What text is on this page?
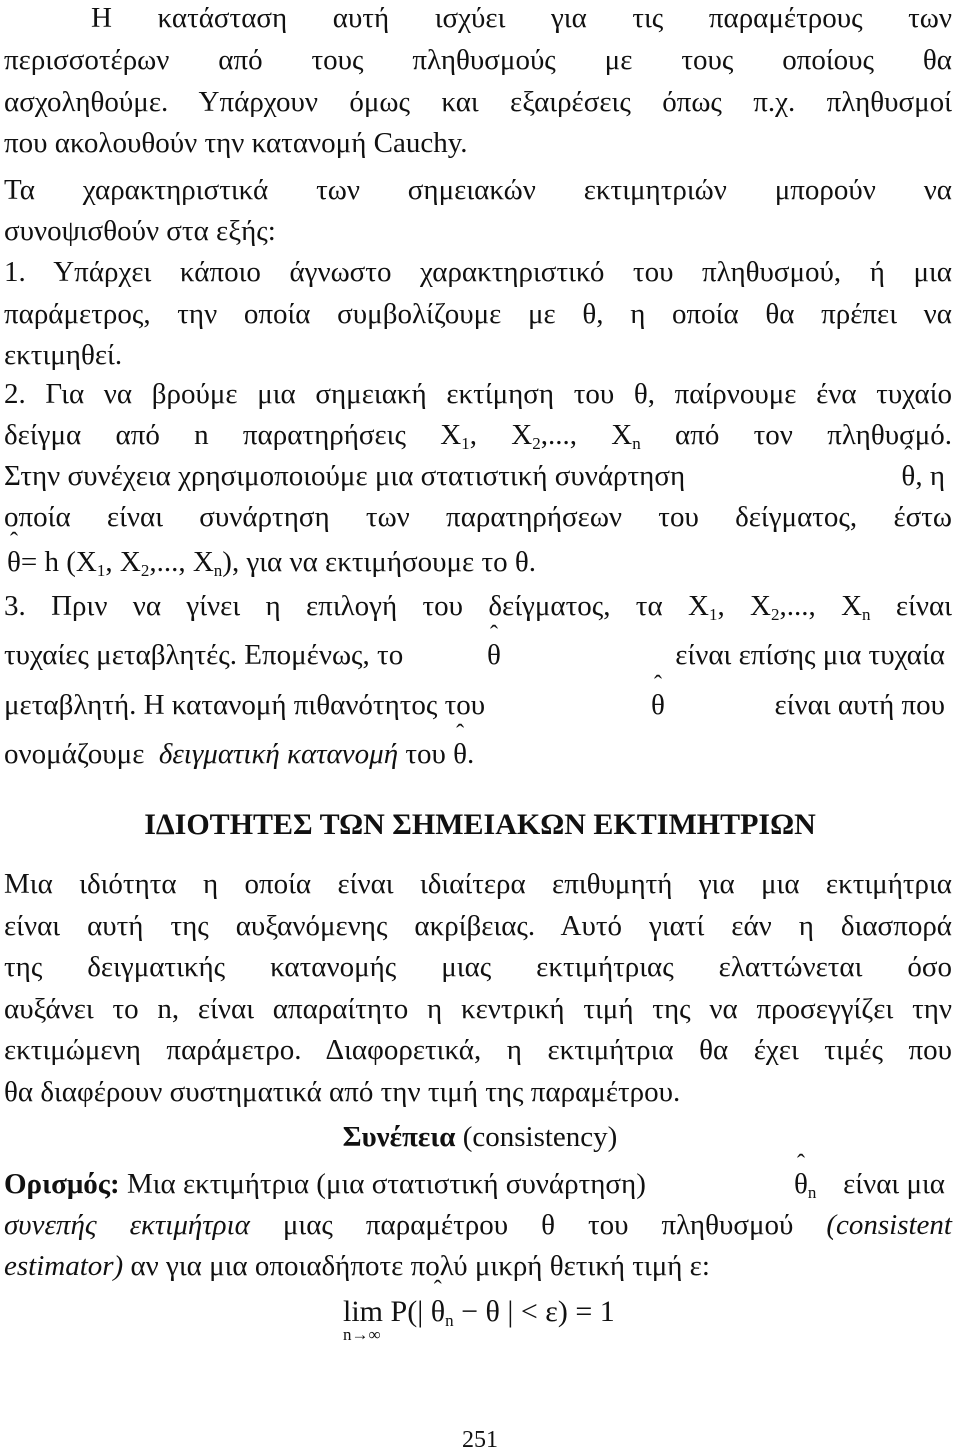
Η κατάσταση αυτή ισχύει για τις παραμέτρους των
περισσοτέρων από τους πληθυσμούς με τους οποίους θα
ασχοληθούμε. Υπάρχουν όμως και εξαιρέσεις όπως π.χ. πληθυσμοί
που ακολουθούν την κατανομή Cauchy.
Τα χαρακτηριστικά των σημειακών εκτιμητριών μπορούν να
συνοψισθούν στα εξής:
1. Υπάρχει κάποιο άγνωστο χαρακτηριστικό του πληθυσμού, ή μια
παράμετρος, την οποία συμβολίζουμε με θ, η οποία θα πρέπει να
εκτιμηθεί.
2. Για να βρούμε μια σημειακή εκτίμηση του θ, παίρνουμε ένα τυχαίο
δείγμα από n παρατηρήσεις $X_1$, $X_2$,..., $X_n$ από τον πληθυσμό.
Στην συνέχεια χρησιμοποιούμε μια στατιστική συνάρτηση	ˆ θ, η
οποία είναι συνάρτηση των παρατηρήσεων του δείγματος, έστω
ˆ θ= h ($X_1$, $X_2$,..., $X_n$), για να εκτιμήσουμε το θ.
3. Πριν να γίνει η επιλογή του δείγματος, τα $X_1$, $X_2$,..., $X_n$ είναι
τυχαίες μεταβλητές. Επομένως, το	ˆ θ	είναι επίσης μια τυχαία
μεταβλητή. Η κατανομή πιθανότητος του	ˆ θ	είναι αυτή που
ονομάζουμε δειγματική κατανομή του ˆ θ.
ΙΔΙΟΤΗΤΕΣ ΤΩΝ ΣΗΜΕΙΑΚΩΝ ΕΚΤΙΜΗΤΡΙΩΝ
Μια ιδιότητα η οποία είναι ιδιαίτερα επιθυμητή για μια εκτιμήτρια
είναι αυτή της αυξανόμενης ακρίβειας. Αυτό γιατί εάν η διασπορά
της δειγματικής κατανομής μιας εκτιμήτριας ελαττώνεται όσο
αυξάνει το n, είναι απαραίτητο η κεντρική τιμή της να προσεγγίζει την
εκτιμώμενη παράμετρο. Διαφορετικά, η εκτιμήτρια θα έχει τιμές που
θα διαφέρουν συστηματικά από την τιμή της παραμέτρου.
Συνέπεια (consistency)
Ορισμός: Μια εκτιμήτρια (μια στατιστική συνάρτηση)	ˆ $\theta_n$ είναι μια
συνεπής εκτιμήτρια μιας παραμέτρου θ του πληθυσμού (consistent
estimator) αν για μια οποιαδήποτε πολύ μικρή θετική τιμή ε:
lim
n→∞
P(| ˆ $\theta_n - \theta$ | < ε) = 1
251
